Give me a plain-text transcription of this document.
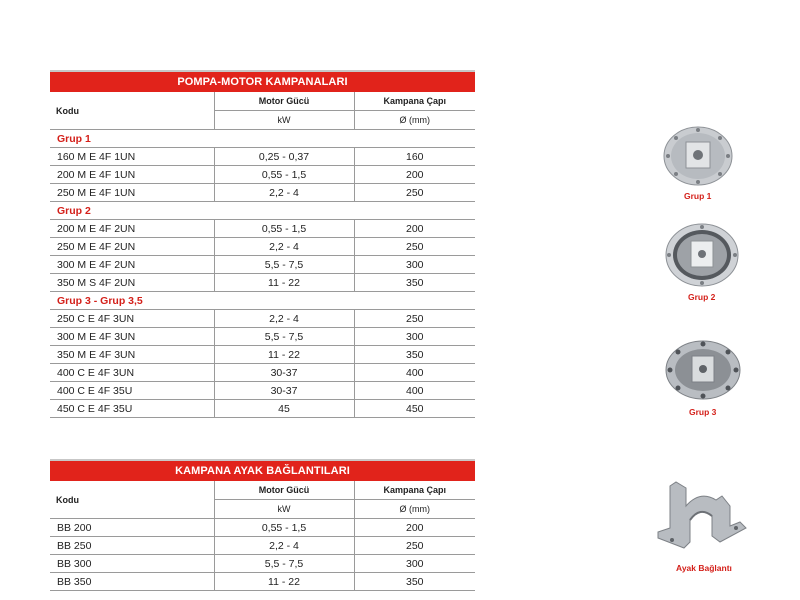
POMPA-MOTOR KAMPANALARI		
Kodu	Motor Gücü	Kampana Çapı
	kW	Ø (mm)
Grup 1		
160 M E 4F 1UN	0,25 - 0,37	160
200 M E 4F 1UN	0,55 - 1,5	200
250 M E 4F 1UN	2,2 - 4	250
Grup 2		
200 M E 4F 2UN	0,55 - 1,5	200
250 M E 4F 2UN	2,2 - 4	250
300 M E 4F 2UN	5,5 - 7,5	300
350 M S 4F 2UN	11 - 22	350
Grup 3 - Grup 3,5		
250 C E 4F 3UN	2,2 - 4	250
300 M E 4F 3UN	5,5 - 7,5	300
350 M E 4F 3UN	11 - 22	350
400 C E 4F 3UN	30-37	400
400 C E 4F 35U	30-37	400
450 C E 4F 35U	45	450
KAMPANA AYAK BAĞLANTILARI		
Kodu	Motor Gücü	Kampana Çapı
	kW	Ø (mm)
BB 200	0,55 - 1,5	200
BB 250	2,2 - 4	250
BB 300	5,5 - 7,5	300
BB 350	11 - 22	350
Grup 1
Grup 2
Grup 3
Ayak Bağlantı
